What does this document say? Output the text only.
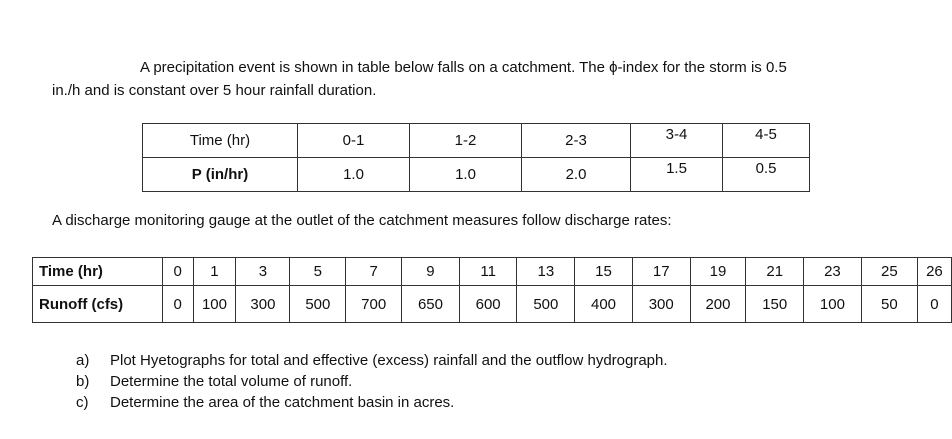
A precipitation event is shown in table below falls on a catchment. The ϕ-index for the storm is 0.5
in./h and is constant over 5 hour rainfall duration.
Time (hr)	0-1	1-2	2-3	3-4	4-5
P (in/hr)	1.0	1.0	2.0	1.5	0.5
A discharge monitoring gauge at the outlet of the catchment measures follow discharge rates:
Time (hr)	0	1	3	5	7	9	11	13	15	17	19	21	23	25	26
Runoff (cfs)	0	100	300	500	700	650	600	500	400	300	200	150	100	50	0
a)	Plot Hyetographs for total and effective (excess) rainfall and the outflow hydrograph.
b)	Determine the total volume of runoff.
c)	Determine the area of the catchment basin in acres.
